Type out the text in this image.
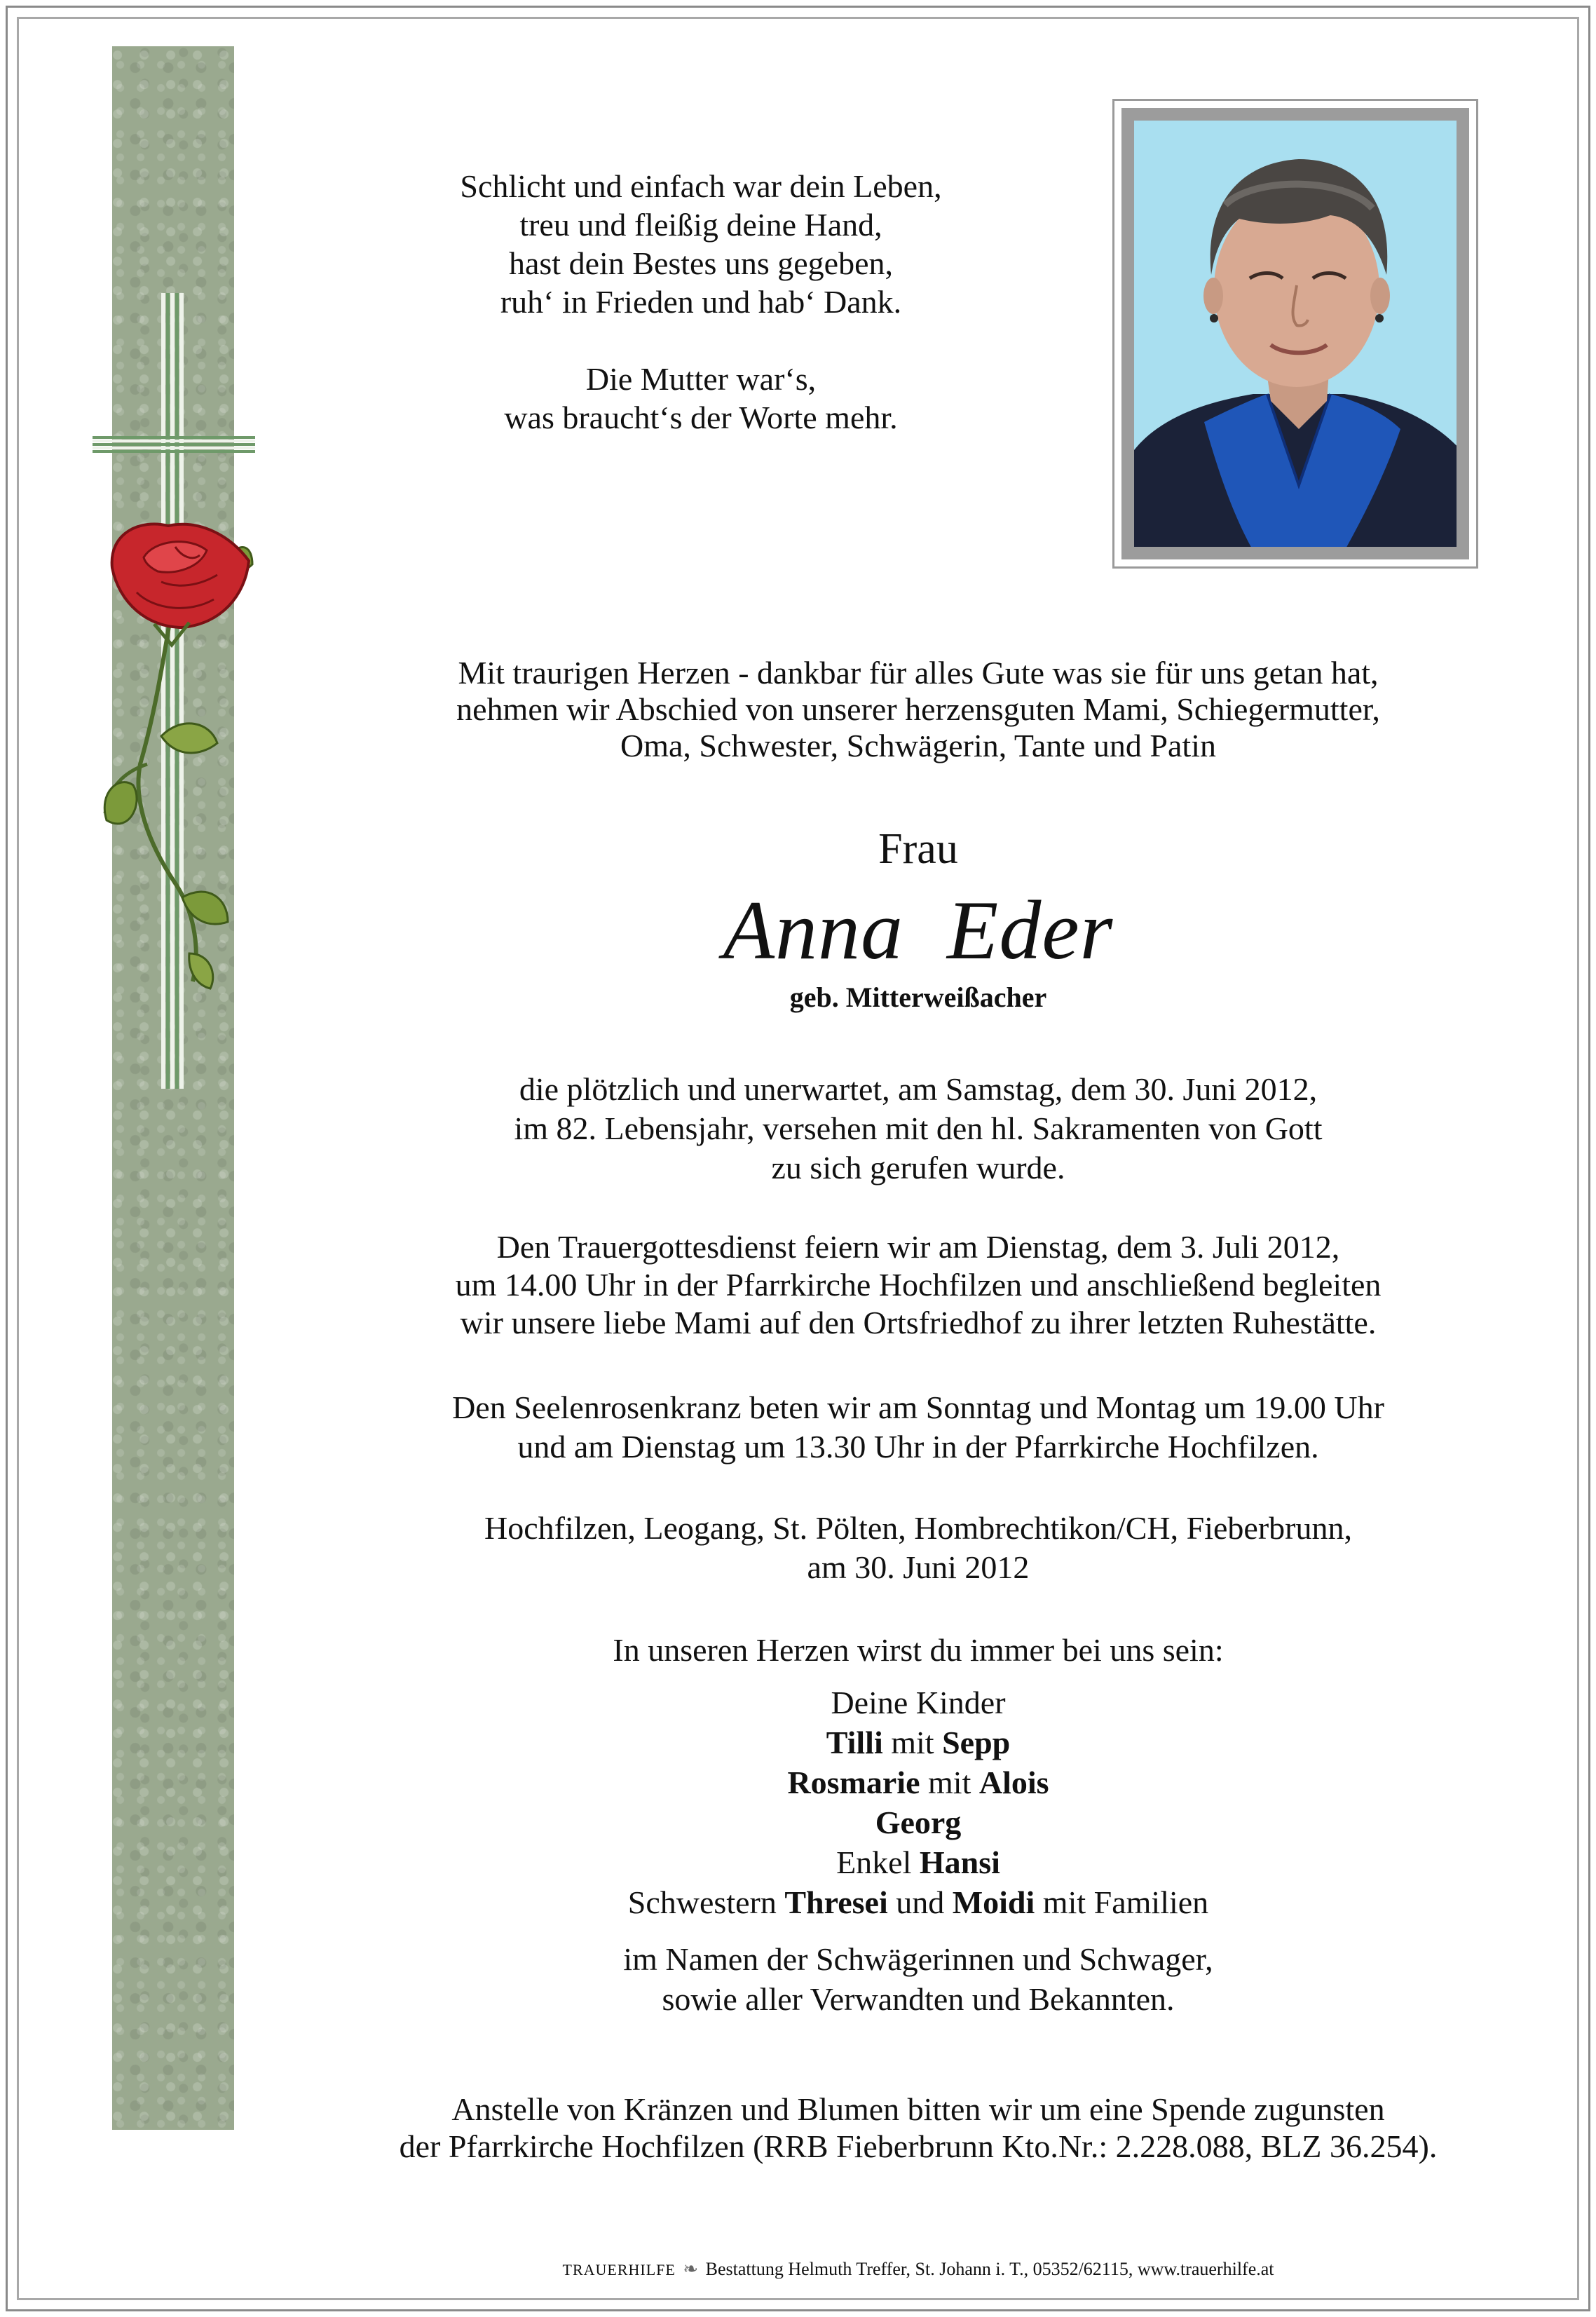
Schlicht und einfach war dein Leben,
treu und fleißig deine Hand,
hast dein Bestes uns gegeben,
ruh‘ in Frieden und hab‘ Dank.

Die Mutter war‘s,
was braucht‘s der Worte mehr.
Mit traurigen Herzen - dankbar für alles Gute was sie für uns getan hat,
nehmen wir Abschied von unserer herzensguten Mami, Schiegermutter,
Oma, Schwester, Schwägerin, Tante und Patin
Frau
Anna  Eder
geb. Mitterweißacher
die plötzlich und unerwartet, am Samstag, dem 30. Juni 2012,
im 82. Lebensjahr, versehen mit den hl. Sakramenten von Gott
zu sich gerufen wurde.
Den Trauergottesdienst feiern wir am Dienstag, dem 3. Juli 2012,
um 14.00 Uhr in der Pfarrkirche Hochfilzen und anschließend begleiten
wir unsere liebe Mami auf den Ortsfriedhof zu ihrer letzten Ruhestätte.
Den Seelenrosenkranz beten wir am Sonntag und Montag um 19.00 Uhr
und am Dienstag um 13.30 Uhr in der Pfarrkirche Hochfilzen.
Hochfilzen, Leogang, St. Pölten, Hombrechtikon/CH, Fieberbrunn,
am 30. Juni 2012
In unseren Herzen wirst du immer bei uns sein:
Deine Kinder
Tilli mit Sepp
Rosmarie mit Alois
Georg
Enkel Hansi
Schwestern Thresei und Moidi mit Familien
im Namen der Schwägerinnen und Schwager,
sowie aller Verwandten und Bekannten.
Anstelle von Kränzen und Blumen bitten wir um eine Spende zugunsten
der Pfarrkirche Hochfilzen (RRB Fieberbrunn Kto.Nr.: 2.228.088, BLZ 36.254).
TRAUERHILFE ❧ Bestattung Helmuth Treffer, St. Johann i. T., 05352/62115, www.trauerhilfe.at
